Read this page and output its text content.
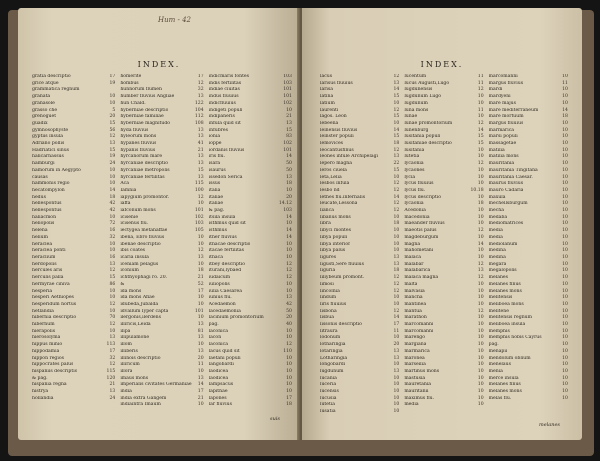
Hum - 42
INDEX.
gratia descriptio	17
grice atque	19
grammatica regnum
granata	10
granasole	10
grasso che	5
grenoguet	20
guadix	15
gymnosophyste	56
gyptiis insula	12
Adriano pollis	13
Hadriatici sinus	15
halicarnassus	19
hamburgi	24
hamorum in Aegypto	10
causas	10
hammonis regio	10
hecatompylon	14
hedus	18
hellespontus	42
hellespontus	42
haliacmon	10
heliopolis	72
helena	16
helium	32
heraclea	10
heraclea ponti	10
heraclium	16
herdopolis	13
hercules aris	12
herculis palla	15
hermyrae ciniva	86
hesperia	10
hesperi Aethiopes	10
hesperidum hortus	12
hetlandia	10
hibernia descriptio	70
hibernum	12
hierapolis	10
hierosolyma	13
hippus minio	113
hippodamia	17
hippon regios	32
hippocrates palus	12
hispaniis descriptio	115
& pag.	120
hispania regna	21
histrya	13
hollandia	24
homerite	17
hombus	12
hunnorum flumen	32
humber fluvius Angliae	13
hun Chald.	122
hyberniae descriptio	104
hyberniae familiae	112
hyberniae magnitudo	108
hyda fluvius	13
hyleorum mons	13
hypanes fluvius	41
hypanis fluvius	21
hyrcanorum mare	13
hyrcaniae descriptio	13
hyrcaniae metropolis	15
hyrcaniae fertilitas	13
Aca	115
Iamnia	100
iapygium promontor.	12
iaffa	10
iafconum mons	101
icisenie	102
icisenus flu.	103
iectygea metanaffae	105
ibena, Ebro fluvius	10
ibenae descriptio	10
ibis coates	12
icaria insula	13
iceniam pelagus	10
iconium	18
ichthyophagi ro. 20.	21
&	52
ida mons	17
ida mons Afiae	10
idubeda,Jubalda	10
idvallum Iyper capta	101
ilergonis,ilerdens	10
illiricis,Leida	13
ilipa	81
illipulamone	13
illom	10
illiberis	13
illinois descriptio	20
illiricum	11
illora	10
imaus mons	13
imperialis civitates Germaniae 14
india	17
india extra Gangem	21
indiaintra Imaum	10
indicmaris fontes	103
indis fertilitas	103
indiae ciuitas	101
indus fluuius	101
indicfluuius	102
indigeti populi	10
indipaneris	21
infula quid sit	13
infubres	15
ionia	83
ioppe	102
iordanis fluvius	101
iris flu.	14
isara	50
isaurus	50
issedon Serica	13
issus	18
italia	10
italiae	20
italiae	14.12
& pag.	103
itsila insula	14
isthmus quid sit	10
isthmus	14
ither fluvius	14
ithacae descriptio	10
itacae fertilitas	10
ithaca	10
itbey descriptio	12
iturani,lybaed	12
iudaicum	12
iuliopolis	10
iulia Caesarea	10
iunius flu.	13
Acedaemon	42
lacedaemonia	50
lacinium promontorium	20
pag.	40
laconica	10
lacon	10
laconica	12
lacus quid sit	110
laetani populi	10
langobardi	10
laodicea	10
laodicea	10
lampsacus	10
lapithae	10
lapones	17
lar fluvius	18
suis
INDEX.
lacus	12
larisus fluuius	13
larisa	14
latina	15
latium	10
laurenti	12
lagos. Leon	15
lebeena	10
leinensis fluvius	14
leinster populi	15
lemovices	18
leocantusfinus	12
leones infule Archipelagi	13
lepero magna	22
leros ciuela	15
leta,Lelia	10
lesbos infula	12
lesbo nd	12
lethes flu.infernalis	14
leucate,Lessona	12
lianca	12
libanus mons	10
libra	18
libyci montes	10
libya populi	10
libya interior	10
libya palus	10
ligures	13
ligusti,Sere fluuius	13
liguria	18
liliybeum promont.	12
limosi	12
lincolnia	12
lindum	10
liris fluuius	10
lisbona	12
lisbua	14
lissonis descriptio	17
litraura	11
lodonum	10
lotharingia	20
lotaringia	13
Lotharingia	13
longobardi	10
lugdunum	13
lucania	10
luceria	10
lucensis	10
lucusia	10
lutetia	10
lusatia	10
lucentum	11
lucus Augusti,Lugo	11
lugdunensis	12
lugdunum Lugo	10
lugdunum	10
luna mons	11
lunae	10
lunae promontorium	12
lunenburg	14
lusitania populi	15
lusitaniae descriptio	15
lusitania	10
lutetia	10
lycaonia	12
lycaones	10
lycia	10
lycus fluuius	10
lycus flu.	10.18
lycus descriptio	10
lycaonia	18
Acedonia	10
macedonia	10
maeander fluvius	10
maeotis palus	12
magdeburgum	10
magna	14
mahometani	10
malaca	10
malabar	12
malabarica	13
malaca magna	12
malta	10
malvasia	10
mancha	10
mantinea	10
mantua	12
marathon	10
marcomanni	10
marcomanni	10
marengo	10
margiana	10
marmarica	10
maronea	10
marseilia	10
martinus mons	10
mastusia	10
mauretania	10
mauritanii	10
maximus flu.	10
media	10
marcomanni	10
margus fluvius	11
mardi	10
mardyeni	10
mare majus	10
mare mediterraneum	14
mare mortuum	18
margus fluuius	10
marmarica	10
marsi populi	10
massagetae	10
matilia	10
matilia mons	10
mauritania	10
mauritania Tingitana	10
mauritania Caesar.	10
maurus fluvius	10
mauro Cadaria	10
maxula	10
mechellsburgum	10
mecha	10
medaba	10
mediomatrices	10
media	10
media	10
mediolanum	10
medina	10
medina	10
megara	10
megalopolis	10
melanes	10
melanes finus	10
melanes mons	10
melitensis	10
meliboea mons	10
melitene	10
melitensis regnum	10
meliboea insula	10
memphis	10
memphis nobis Cayrus	10
pag.	10
menapii	10
mendolum oblium	10
menelaus	10
menia	10
merce insula	10
melanes finus	10
melanes mons	10
melas flu.	10
melanes
